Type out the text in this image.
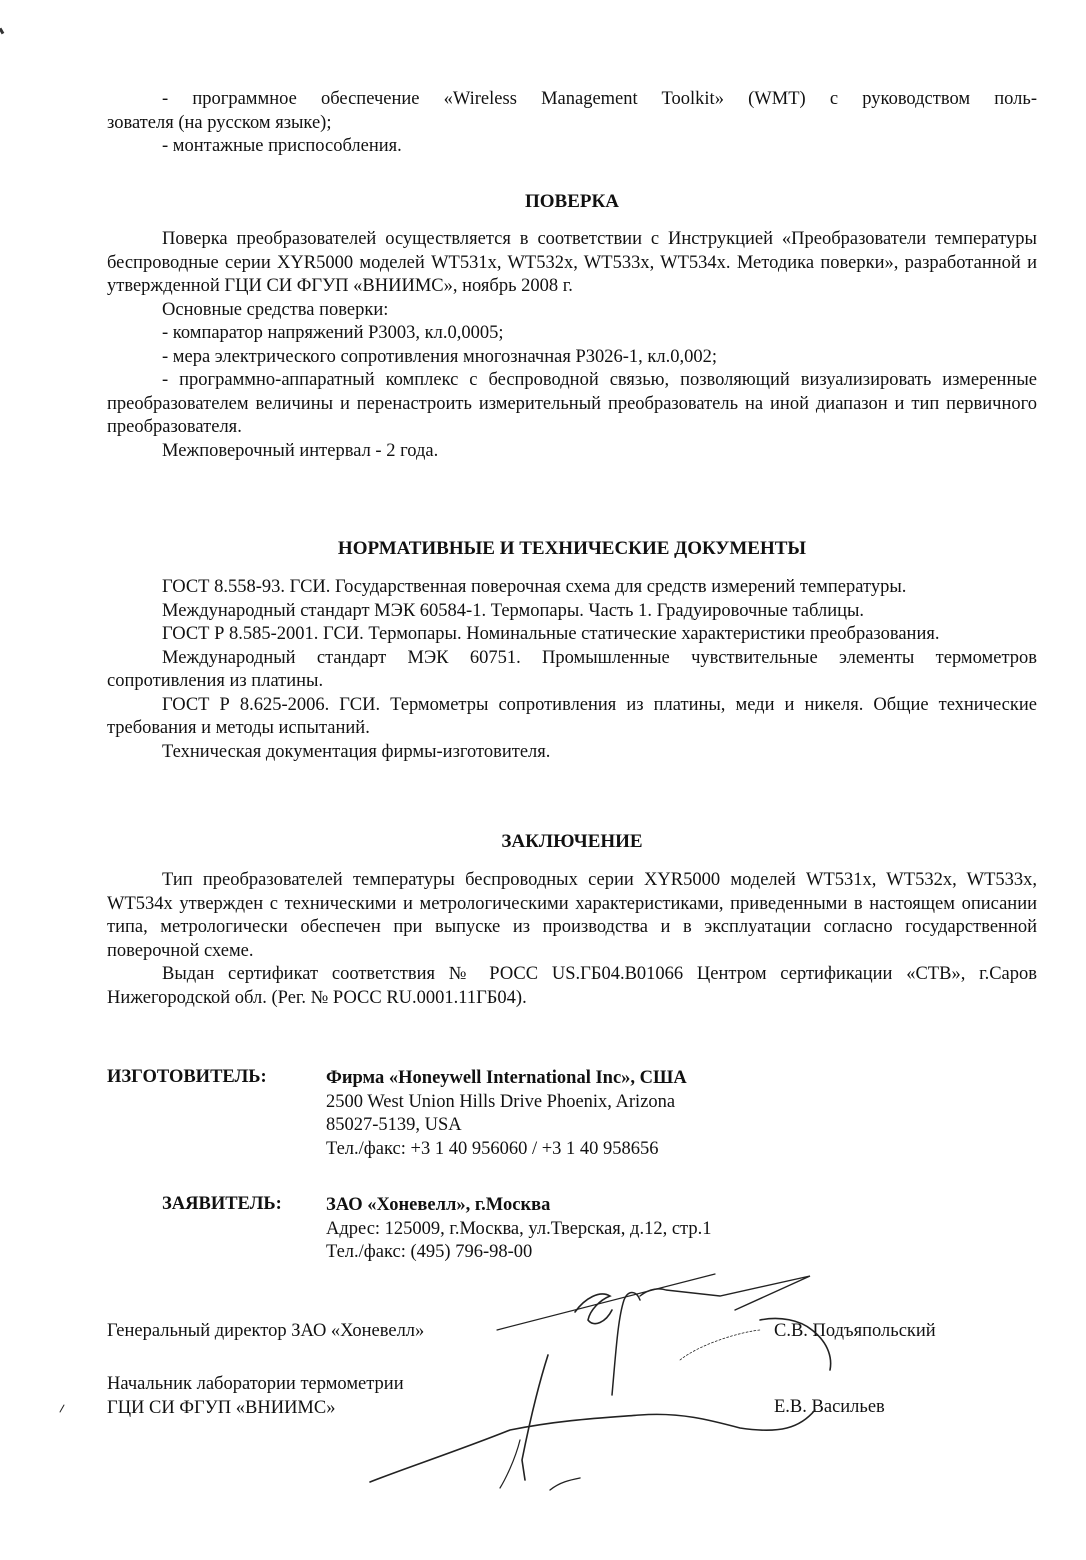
- программное обеспечение «Wireless Management Toolkit» (WMT) с руководством поль-

зователя (на русском языке);

- монтажные приспособления.

ПОВЕРКА

Поверка преобразователей осуществляется в соответствии с Инструкцией «Преобразователи температуры беспроводные серии XYR5000 моделей WT531x, WT532x, WT533x, WT534x. Методика поверки», разработанной и утвержденной ГЦИ СИ ФГУП «ВНИИМС», ноябрь 2008 г.

Основные средства поверки:

- компаратор напряжений Р3003, кл.0,0005;

- мера электрического сопротивления многозначная Р3026-1, кл.0,002;

- программно-аппаратный комплекс с беспроводной связью, позволяющий визуализировать измеренные преобразователем величины и перенастроить измерительный преобразователь на иной диапазон и тип первичного преобразователя.

Межповерочный интервал - 2 года.

НОРМАТИВНЫЕ И ТЕХНИЧЕСКИЕ ДОКУМЕНТЫ

ГОСТ 8.558-93. ГСИ. Государственная поверочная схема для средств измерений температуры.

Международный стандарт МЭК 60584-1. Термопары. Часть 1. Градуировочные таблицы.

ГОСТ Р 8.585-2001. ГСИ. Термопары. Номинальные статические характеристики преобразования.

Международный стандарт МЭК 60751. Промышленные чувствительные элементы термометров сопротивления из платины.

ГОСТ Р 8.625-2006. ГСИ. Термометры сопротивления из платины, меди и никеля. Общие технические требования и методы испытаний.

Техническая документация фирмы-изготовителя.

ЗАКЛЮЧЕНИЕ

Тип преобразователей температуры беспроводных серии XYR5000 моделей WT531x, WT532x, WT533x, WT534x утвержден с техническими и метрологическими характеристиками, приведенными в настоящем описании типа, метрологически обеспечен при выпуске из производства и в эксплуатации согласно государственной поверочной схеме.

Выдан сертификат соответствия № РОСС US.ГБ04.В01066 Центром сертификации «СТВ», г.Саров Нижегородской обл. (Рег. № РОСС RU.0001.11ГБ04).

ИЗГОТОВИТЕЛЬ:	Фирма «Honeywell International Inc», США
2500 West Union Hills Drive Phoenix, Arizona
85027-5139, USA
Тел./факс: +3 1 40 956060 / +3 1 40 958656
ЗАЯВИТЕЛЬ: ЗАО «Хоневелл», г.Москва
Адрес: 125009, г.Москва, ул.Тверская, д.12, стр.1
Тел./факс: (495) 796-98-00
Генеральный директор ЗАО «Хоневелл»	С.В. Подъяпольский
Начальник лаборатории термометрии
ГЦИ СИ ФГУП «ВНИИМС»	Е.В. Васильев
